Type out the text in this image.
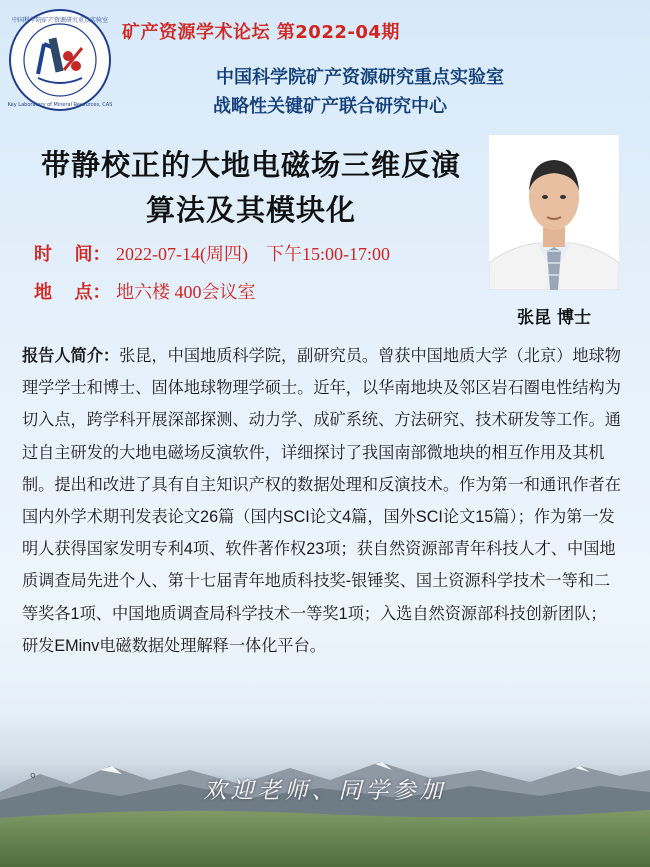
中国科学院矿产资源研究重点实验室
Key Laboratory of Mineral Resources, CAS
矿产资源学术论坛 第2022-04期
中国科学院矿产资源研究重点实验室
战略性关键矿产联合研究中心
带静校正的大地电磁场三维反演
算法及其模块化
时　 间： 2022-07-14(周四)　下午15:00-17:00
地　 点： 地六楼 400会议室
张昆 博士
报告人简介：张昆，中国地质科学院，副研究员。曾获中国地质大学（北京）地球物理学学士和博士、固体地球物理学硕士。近年，以华南地块及邻区岩石圈电性结构为切入点，跨学科开展深部探测、动力学、成矿系统、方法研究、技术研发等工作。通过自主研发的大地电磁场反演软件，详细探讨了我国南部微地块的相互作用及其机制。提出和改进了具有自主知识产权的数据处理和反演技术。作为第一和通讯作者在国内外学术期刊发表论文26篇（国内SCI论文4篇，国外SCI论文15篇）；作为第一发明人获得国家发明专利4项、软件著作权23项；获自然资源部青年科技人才、中国地质调查局先进个人、第十七届青年地质科技奖-银锤奖、国土资源科学技术一等和二等奖各1项、中国地质调查局科学技术一等奖1项；入选自然资源部科技创新团队；研发EMinv电磁数据处理解释一体化平台。
。
欢迎老师、同学参加
